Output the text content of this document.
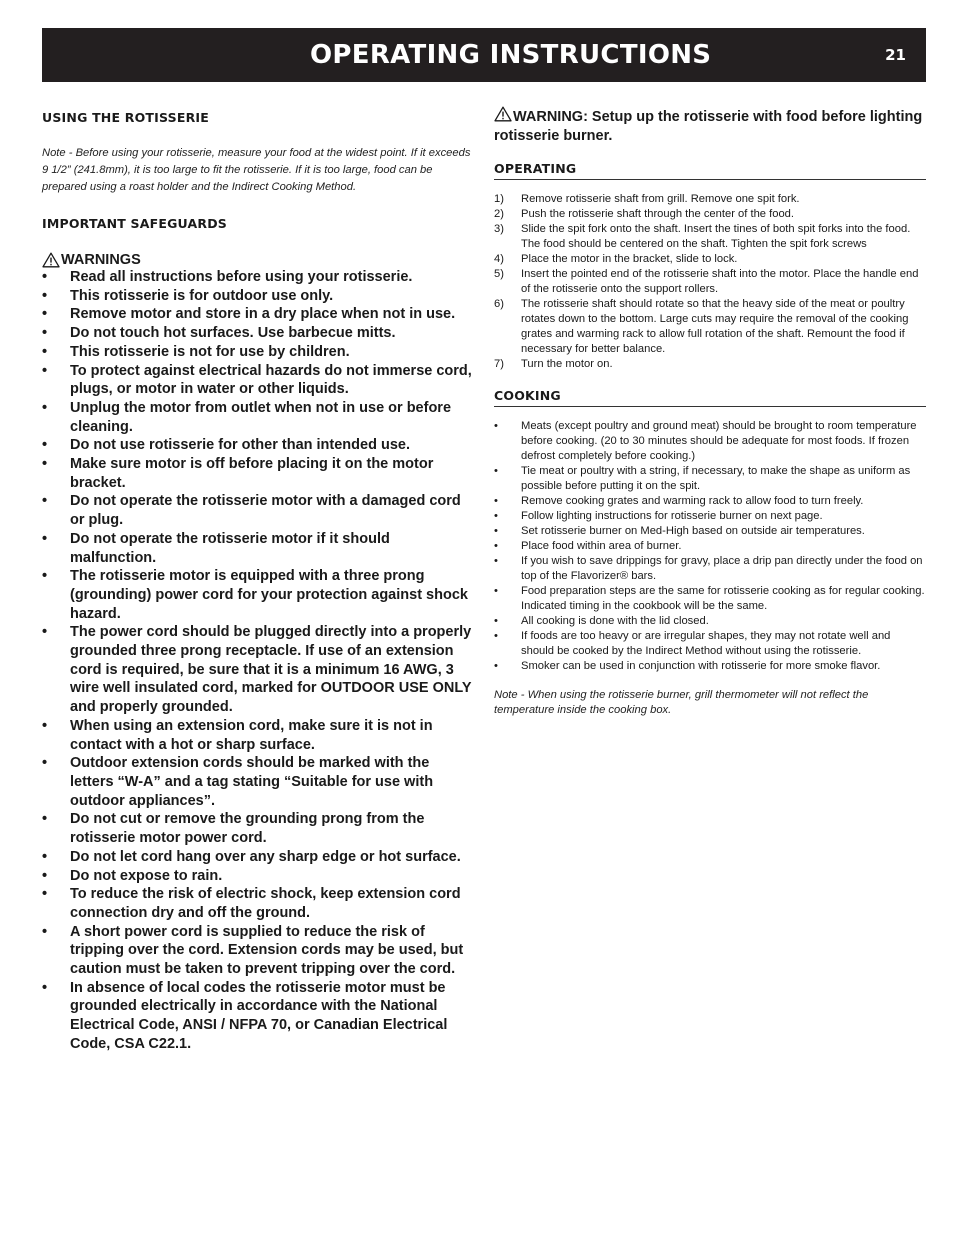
OPERATING INSTRUCTIONS	21
USING THE ROTISSERIE

Note - Before using your rotisserie, measure your food at the widest point. If it exceeds 9 1/2” (241.8mm), it is too large to fit the rotisserie. If it is too large, food can be prepared using a roast holder and the Indirect Cooking Method.

IMPORTANT SAFEGUARDS
WARNINGS
• Read all instructions before using your rotisserie.
• This rotisserie is for outdoor use only.
• Remove motor and store in a dry place when not in use.
• Do not touch hot surfaces. Use barbecue mitts.
• This rotisserie is not for use by children.
• To protect against electrical hazards do not immerse cord, plugs, or motor in water or other liquids.
• Unplug the motor from outlet when not in use or before cleaning.
• Do not use rotisserie for other than intended use.
• Make sure motor is off before placing it on the motor bracket.
• Do not operate the rotisserie motor with a damaged cord or plug.
• Do not operate the rotisserie motor if it should malfunction.
• The rotisserie motor is equipped with a three prong (grounding) power cord for your protection against shock hazard.
• The power cord should be plugged directly into a properly grounded three prong receptacle. If use of an extension cord is required, be sure that it is a minimum 16 AWG, 3 wire well insulated cord, marked for OUTDOOR USE ONLY and properly grounded.
• When using an extension cord, make sure it is not in contact with a hot or sharp surface.
• Outdoor extension cords should be marked with the letters “W-A” and a tag stating “Suitable for use with outdoor appliances”.
• Do not cut or remove the grounding prong from the rotisserie motor power cord.
• Do not let cord hang over any sharp edge or hot surface.
• Do not expose to rain.
• To reduce the risk of electric shock, keep extension cord connection dry and off the ground.
• A short power cord is supplied to reduce the risk of tripping over the cord. Extension cords may be used, but caution must be taken to prevent tripping over the cord.
• In absence of local codes the rotisserie motor must be grounded electrically in accordance with the National Electrical Code, ANSI / NFPA 70, or Canadian Electrical Code, CSA C22.1.
WARNING: Setup up the rotisserie with food before lighting rotisserie burner.
OPERATING
1) Remove rotisserie shaft from grill. Remove one spit fork.
2) Push the rotisserie shaft through the center of the food.
3) Slide the spit fork onto the shaft. Insert the tines of both spit forks into the food. The food should be centered on the shaft. Tighten the spit fork screws
4) Place the motor in the bracket, slide to lock.
5) Insert the pointed end of the rotisserie shaft into the motor. Place the handle end of the rotisserie onto the support rollers.
6) The rotisserie shaft should rotate so that the heavy side of the meat or poultry rotates down to the bottom. Large cuts may require the removal of the cooking grates and warming rack to allow full rotation of the shaft. Remount the food if necessary for better balance.
7) Turn the motor on.
COOKING
• Meats (except poultry and ground meat) should be brought to room temperature before cooking. (20 to 30 minutes should be adequate for most foods. If frozen defrost completely before cooking.)
• Tie meat or poultry with a string, if necessary, to make the shape as uniform as possible before putting it on the spit.
• Remove cooking grates and warming rack to allow food to turn freely.
• Follow lighting instructions for rotisserie burner on next page.
• Set rotisserie burner on Med-High based on outside air temperatures.
• Place food within area of burner.
• If you wish to save drippings for gravy, place a drip pan directly under the food on top of the Flavorizer® bars.
• Food preparation steps are the same for rotisserie cooking as for regular cooking. Indicated timing in the cookbook will be the same.
• All cooking is done with the lid closed.
• If foods are too heavy or are irregular shapes, they may not rotate well and should be cooked by the Indirect Method without using the rotisserie.
• Smoker can be used in conjunction with rotisserie for more smoke flavor.

Note - When using the rotisserie burner, grill thermometer will not reflect the temperature inside the cooking box.
